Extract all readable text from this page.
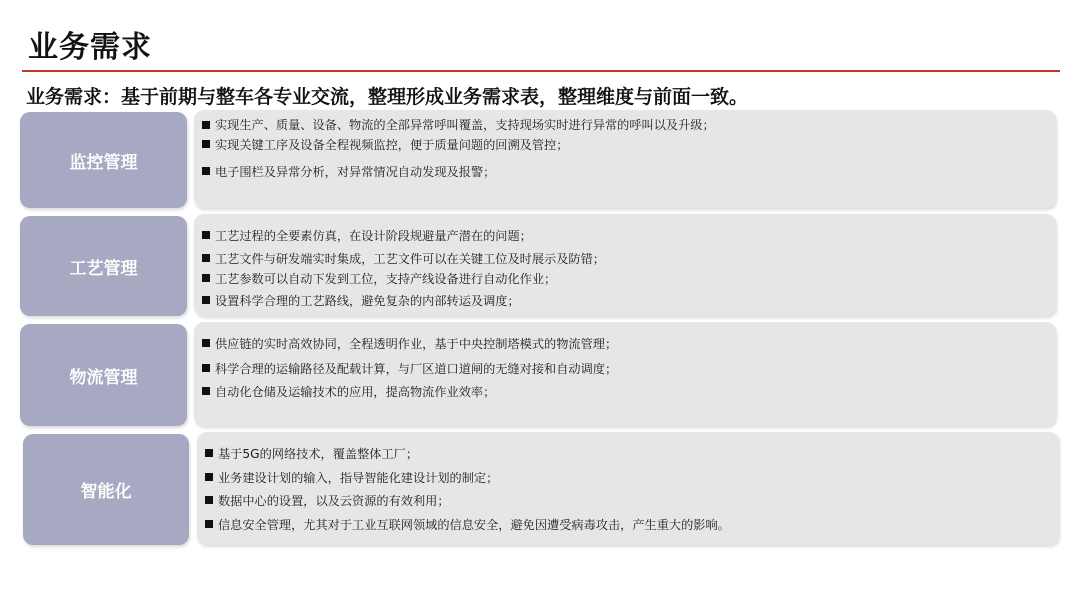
业务需求
业务需求：基于前期与整车各专业交流，整理形成业务需求表，整理维度与前面一致。
监控管理
实现生产、质量、设备、物流的全部异常呼叫覆盖，支持现场实时进行异常的呼叫以及升级；
实现关键工序及设备全程视频监控，便于质量问题的回溯及管控；
电子围栏及异常分析，对异常情况自动发现及报警；
工艺管理
工艺过程的全要素仿真，在设计阶段规避量产潜在的问题；
工艺文件与研发端实时集成，工艺文件可以在关键工位及时展示及防错；
工艺参数可以自动下发到工位，支持产线设备进行自动化作业；
设置科学合理的工艺路线，避免复杂的内部转运及调度；
物流管理
供应链的实时高效协同，全程透明作业，基于中央控制塔模式的物流管理；
科学合理的运输路径及配载计算，与厂区道口道闸的无缝对接和自动调度；
自动化仓储及运输技术的应用，提高物流作业效率；
智能化
基于5G的网络技术，覆盖整体工厂；
业务建设计划的输入，指导智能化建设计划的制定；
数据中心的设置，以及云资源的有效利用；
信息安全管理，尤其对于工业互联网领域的信息安全，避免因遭受病毒攻击，产生重大的影响。
